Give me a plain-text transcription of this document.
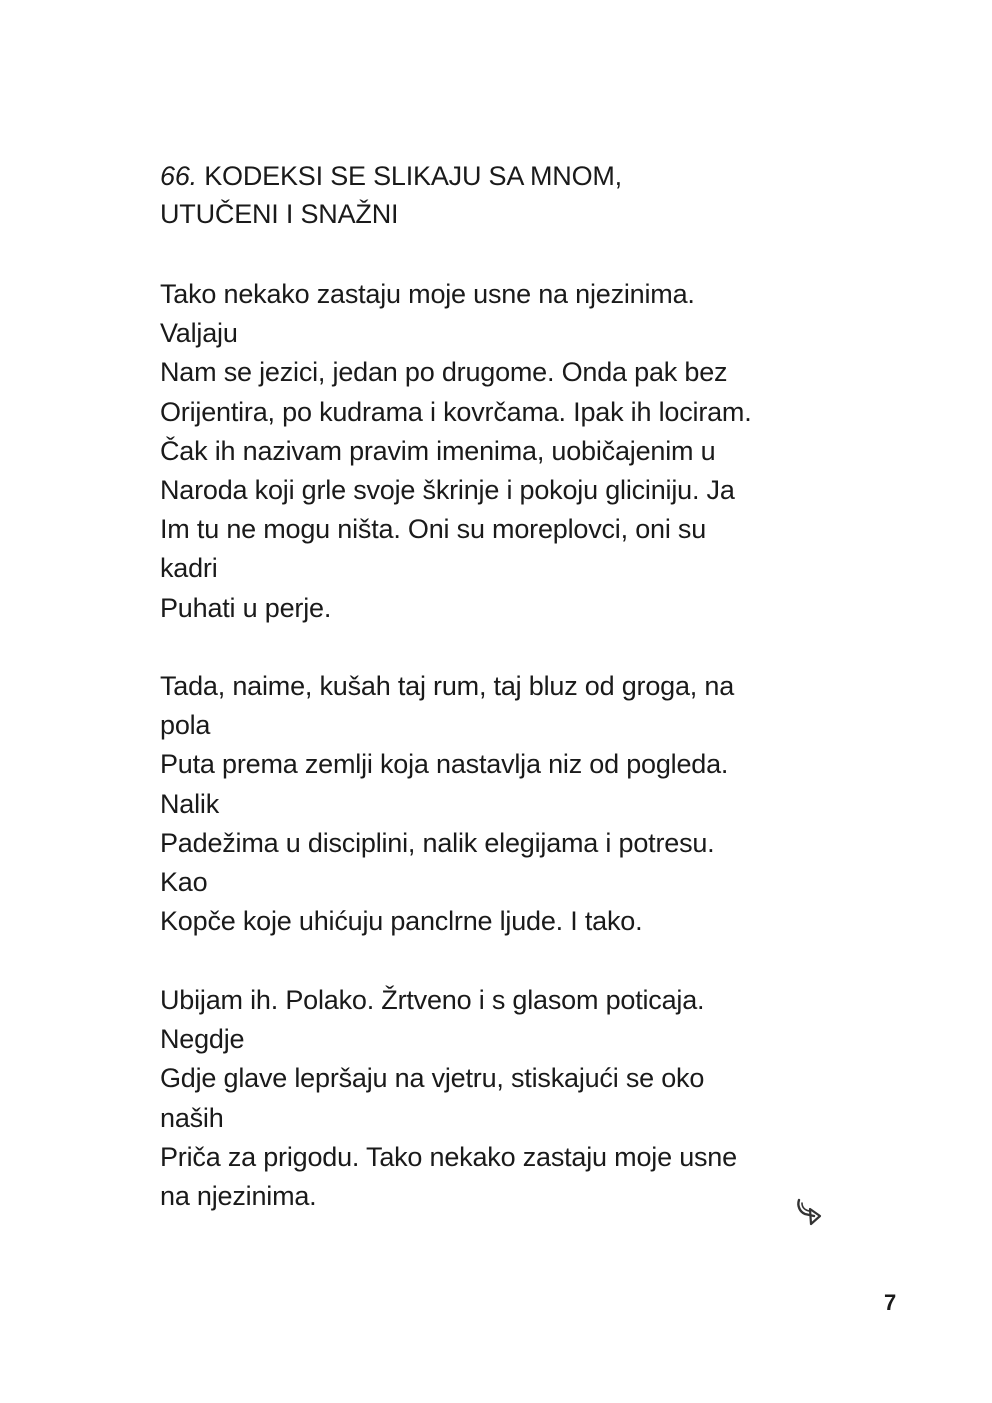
66. KODEKSI SE SLIKAJU SA MNOM,
UTUČENI I SNAŽNI

Tako nekako zastaju moje usne na njezinima.
Valjaju
Nam se jezici, jedan po drugome. Onda pak bez
Orijentira, po kudrama i kovrčama. Ipak ih lociram.
Čak ih nazivam pravim imenima, uobičajenim u
Naroda koji grle svoje škrinje i pokoju gliciniju. Ja
Im tu ne mogu ništa. Oni su moreplovci, oni su
kadri
Puhati u perje.

Tada, naime, kušah taj rum, taj bluz od groga, na
pola
Puta prema zemlji koja nastavlja niz od pogleda.
Nalik
Padežima u disciplini, nalik elegijama i potresu.
Kao
Kopče koje uhićuju panclrne ljude. I tako.

Ubijam ih. Polako. Žrtveno i s glasom poticaja.
Negdje
Gdje glave lepršaju na vjetru, stiskajući se oko
naših
Priča za prigodu. Tako nekako zastaju moje usne
na njezinima.

7
